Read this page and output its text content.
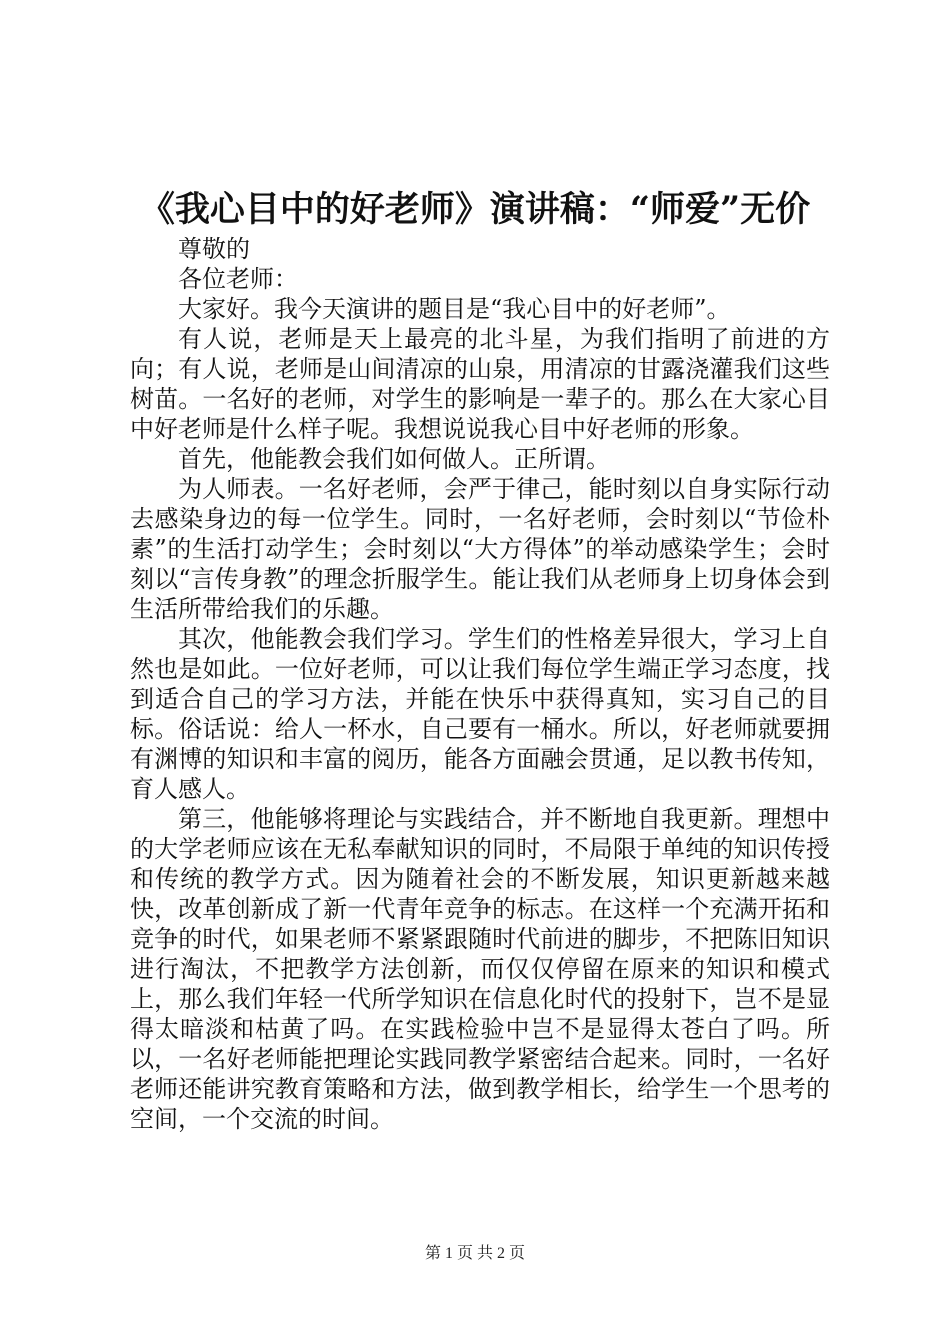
《我心目中的好老师》演讲稿：“师爱”无价

尊敬的

各位老师：

大家好。我今天演讲的题目是“我心目中的好老师”。

有人说，老师是天上最亮的北斗星，为我们指明了前进的方向；有人说，老师是山间清凉的山泉，用清凉的甘露浇灌我们这些树苗。一名好的老师，对学生的影响是一辈子的。那么在大家心目中好老师是什么样子呢。我想说说我心目中好老师的形象。

首先，他能教会我们如何做人。正所谓。

为人师表。一名好老师，会严于律己，能时刻以自身实际行动去感染身边的每一位学生。同时，一名好老师，会时刻以“节俭朴素”的生活打动学生；会时刻以“大方得体”的举动感染学生；会时刻以“言传身教”的理念折服学生。能让我们从老师身上切身体会到生活所带给我们的乐趣。

其次，他能教会我们学习。学生们的性格差异很大，学习上自然也是如此。一位好老师，可以让我们每位学生端正学习态度，找到适合自己的学习方法，并能在快乐中获得真知，实习自己的目标。俗话说：给人一杯水，自己要有一桶水。所以，好老师就要拥有渊博的知识和丰富的阅历，能各方面融会贯通，足以教书传知，育人感人。

第三，他能够将理论与实践结合，并不断地自我更新。理想中的大学老师应该在无私奉献知识的同时，不局限于单纯的知识传授和传统的教学方式。因为随着社会的不断发展，知识更新越来越快，改革创新成了新一代青年竞争的标志。在这样一个充满开拓和竞争的时代，如果老师不紧紧跟随时代前进的脚步，不把陈旧知识进行淘汰，不把教学方法创新，而仅仅停留在原来的知识和模式上，那么我们年轻一代所学知识在信息化时代的投射下，岂不是显得太暗淡和枯黄了吗。在实践检验中岂不是显得太苍白了吗。所以，一名好老师能把理论实践同教学紧密结合起来。同时，一名好老师还能讲究教育策略和方法，做到教学相长，给学生一个思考的空间，一个交流的时间。

第 1 页 共 2 页
